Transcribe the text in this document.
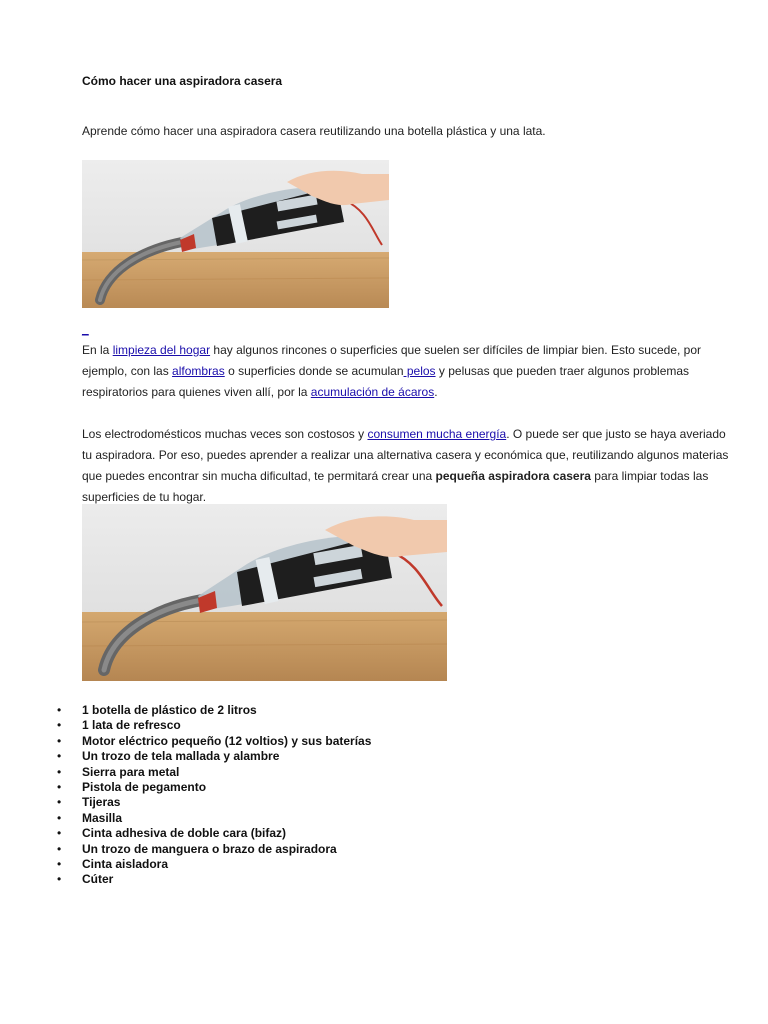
Cómo hacer una aspiradora casera
Aprende cómo hacer una aspiradora casera reutilizando una botella plástica y una lata.
_

En la limpieza del hogar hay algunos rincones o superficies que suelen ser difíciles de limpiar bien. Esto sucede, por ejemplo, con las alfombras o superficies donde se acumulan pelos y pelusas que pueden traer algunos problemas respiratorios para quienes viven allí, por la acumulación de ácaros.

Los electrodomésticos muchas veces son costosos y consumen mucha energía. O puede ser que justo se haya averiado tu aspiradora. Por eso, puedes aprender a realizar una alternativa casera y económica que, reutilizando algunos materias que puedes encontrar sin mucha dificultad, te permitará crear una pequeña aspiradora casera para limpiar todas las superficies de tu hogar.

• 1 botella de plástico de 2 litros
• 1 lata de refresco
• Motor eléctrico pequeño (12 voltios) y sus baterías
• Un trozo de tela mallada y alambre
• Sierra para metal
• Pistola de pegamento
• Tijeras
• Masilla
• Cinta adhesiva de doble cara (bifaz)
• Un trozo de manguera o brazo de aspiradora
• Cinta aisladora
• Cúter
